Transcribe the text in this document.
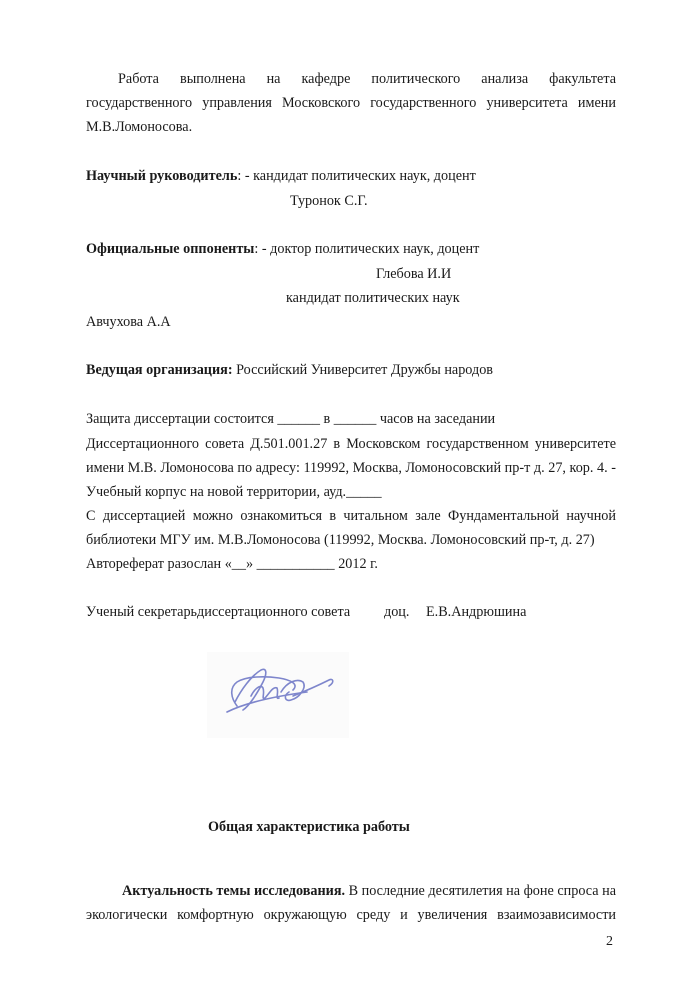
Работа выполнена на кафедре политического анализа факультета
государственного управления Московского государственного университета имени
М.В.Ломоносова.
Научный руководитель: - кандидат политических наук, доцент
Туронок С.Г.
Официальные оппоненты: - доктор политических наук, доцент
Глебова И.И
кандидат политических наук
Авчухова А.А
Ведущая организация: Российский Университет Дружбы народов
Защита диссертации состоится ______ в ______ часов на заседании
Диссертационного совета Д.501.001.27 в Московском государственном университете
имени М.В. Ломоносова по адресу: 119992, Москва, Ломоносовский пр-т д. 27, кор. 4. -
Учебный корпус на новой территории, ауд._____
С диссертацией можно ознакомиться в читальном зале Фундаментальной научной
библиотеки МГУ им. М.В.Ломоносова (119992, Москва. Ломоносовский пр-т, д. 27)
Автореферат разослан «__» ___________ 2012 г.
Ученый секретарьдиссертационного совета	доц.	Е.В.Андрюшина
Общая характеристика работы
Актуальность темы исследования. В последние десятилетия на фоне спроса на
экологически комфортную окружающую среду и увеличения взаимозависимости
2
